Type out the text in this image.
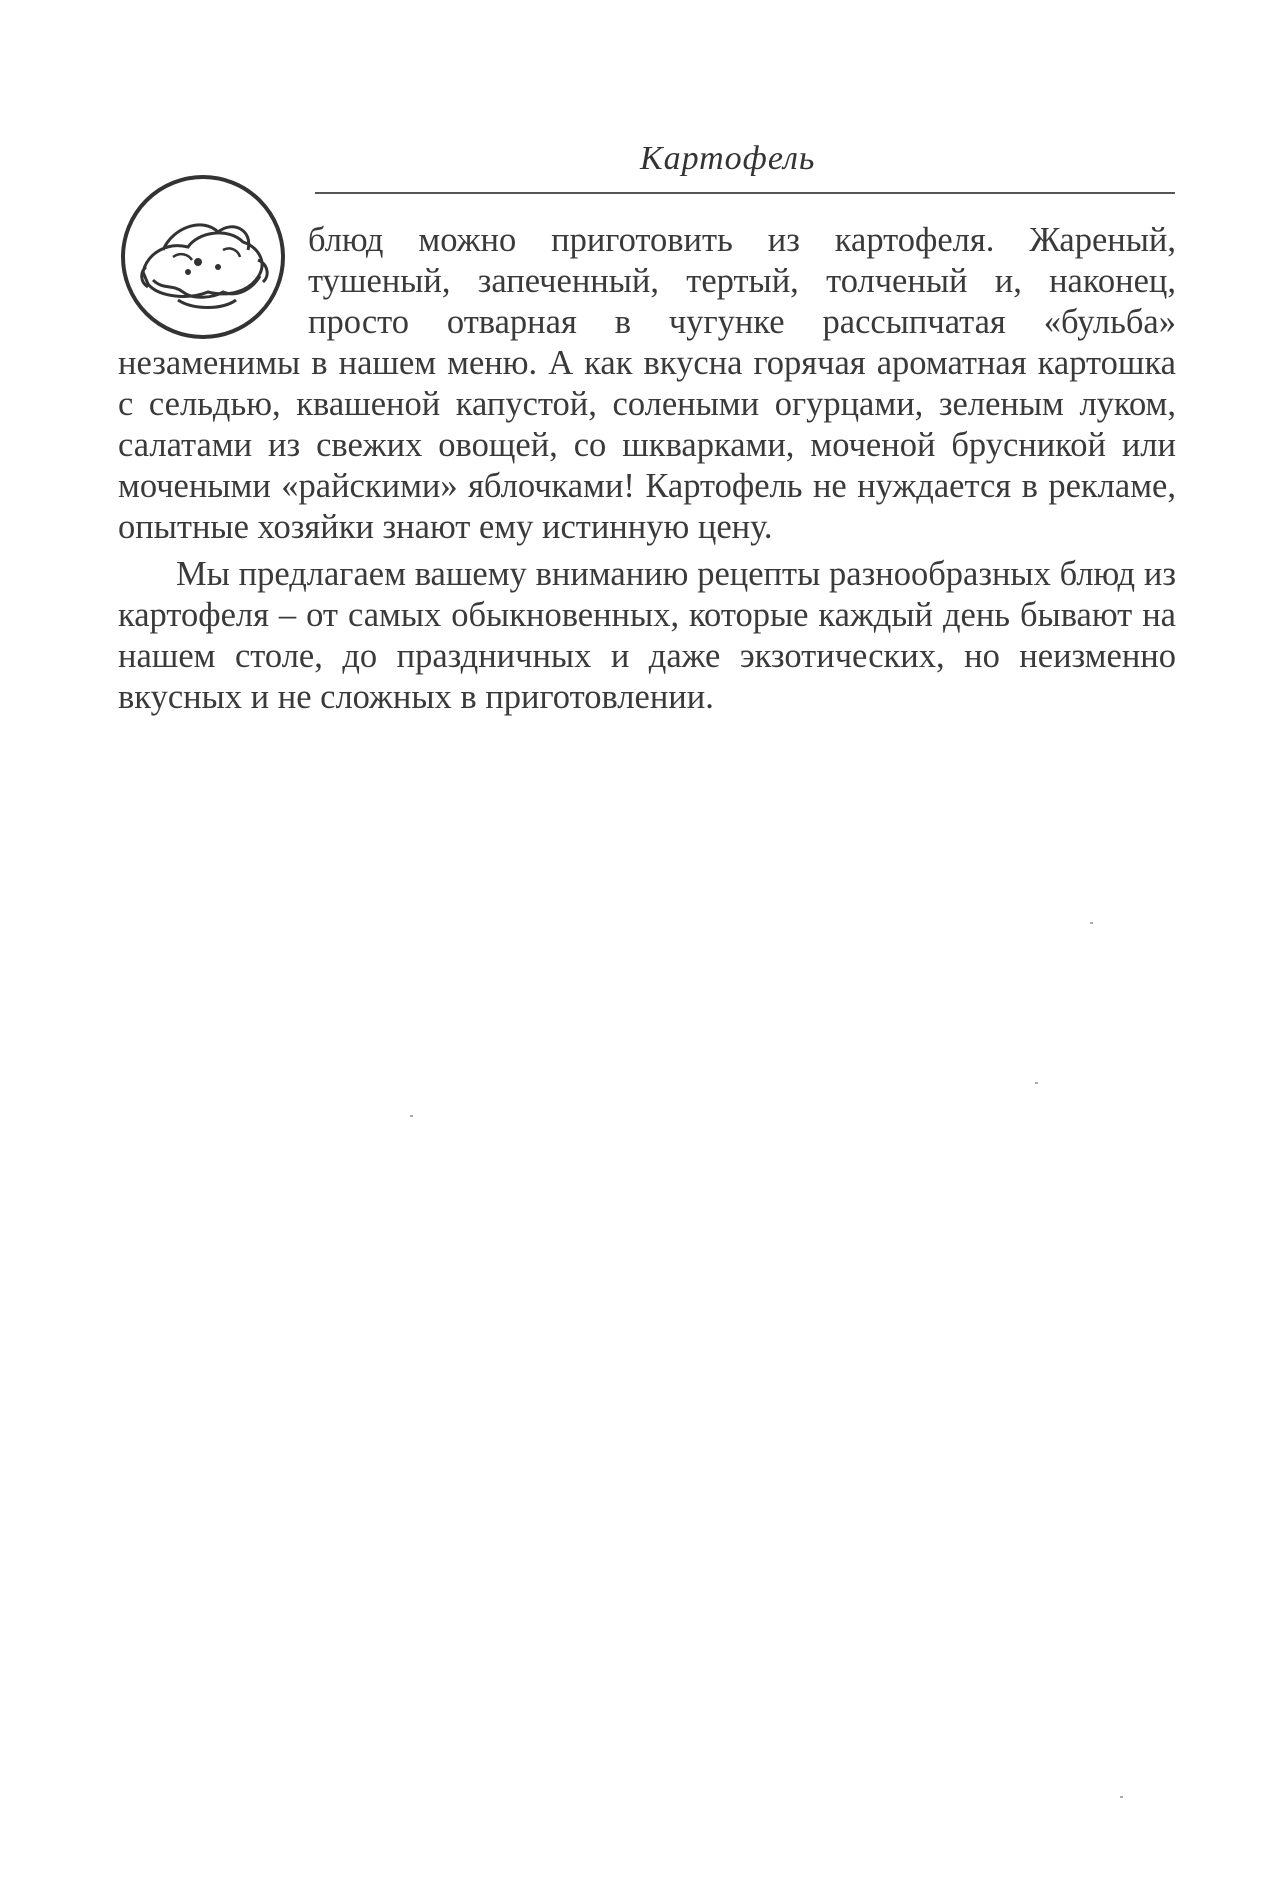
Картофель

блюд можно приготовить из картофеля. Жареный, тушеный, запеченный, тертый, толченый и, наконец, просто отварная в чугунке рассыпчатая «бульба» незаменимы в нашем меню. А как вкусна горячая ароматная картошка с сельдью, квашеной капустой, солеными огурцами, зеленым луком, салатами из свежих овощей, со шкварками, моченой брусникой или мочеными «райскими» яблочками! Картофель не нуждается в рекламе, опытные хозяйки знают ему истинную цену.

Мы предлагаем вашему вниманию рецепты разнообразных блюд из картофеля – от самых обыкновенных, которые каждый день бывают на нашем столе, до праздничных и даже экзотических, но неизменно вкусных и не сложных в приготовлении.
